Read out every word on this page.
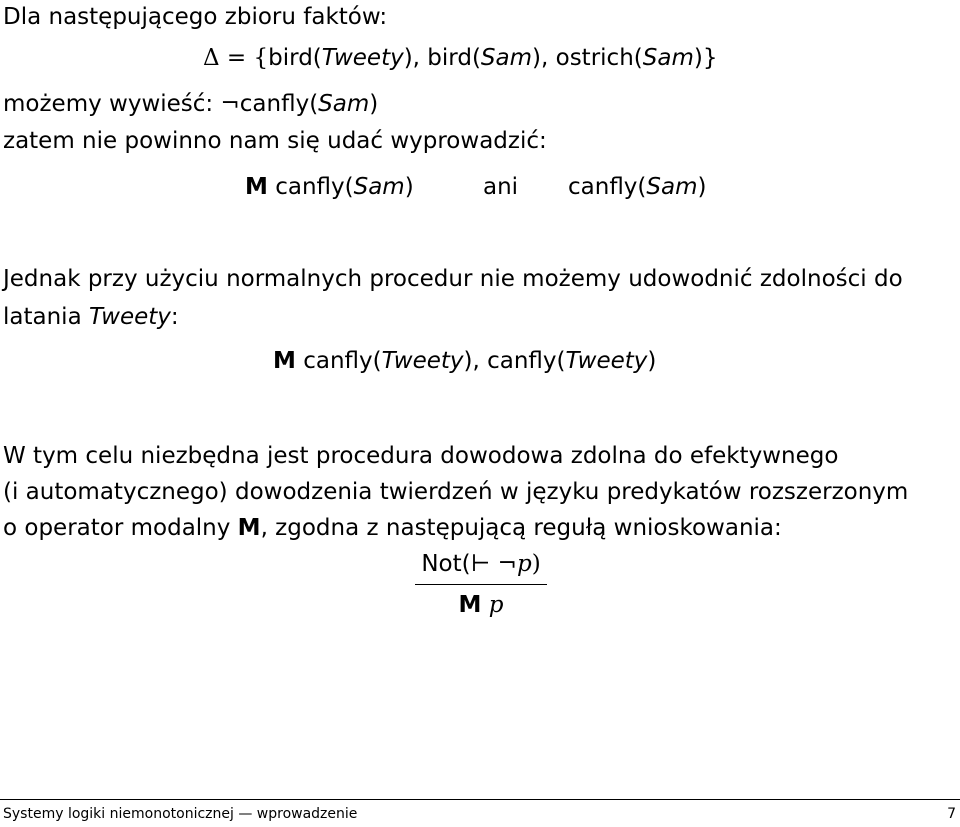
Dla następującego zbioru faktów:
Δ = {bird(Tweety), bird(Sam), ostrich(Sam)}
możemy wywieść: ¬canfly(Sam)
zatem nie powinno nam się udać wyprowadzić:
M canfly(Sam)	ani canfly(Sam)
Jednak przy użyciu normalnych procedur nie możemy udowodnić zdolności do
latania Tweety:
M canfly(Tweety), canfly(Tweety)
W tym celu niezbędna jest procedura dowodowa zdolna do efektywnego
(i automatycznego) dowodzenia twierdzeń w języku predykatów rozszerzonym
o operator modalny M, zgodna z następującą regułą wnioskowania:
Not(⊢ ¬p)
M p
Systemy logiki niemonotonicznej — wprowadzenie	7
